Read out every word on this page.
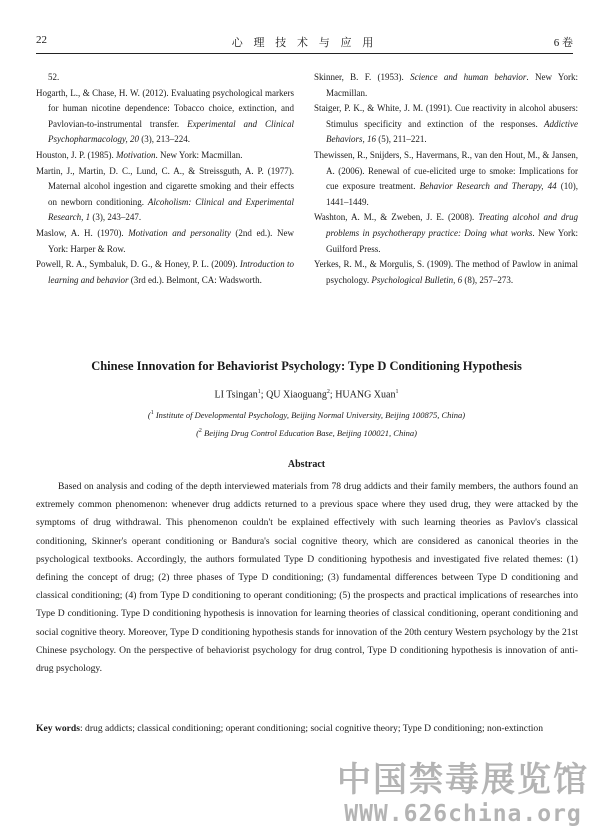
22	心 理 技 术 与 应 用	6 卷

52.

Hogarth, L., & Chase, H. W. (2012). Evaluating psychological markers for human nicotine dependence: Tobacco choice, extinction, and Pavlovian-to-instrumental transfer. Experimental and Clinical Psychopharmacology, 20 (3), 213–224.

Houston, J. P. (1985). Motivation. New York: Macmillan.

Martin, J., Martin, D. C., Lund, C. A., & Streissguth, A. P. (1977). Maternal alcohol ingestion and cigarette smoking and their effects on newborn conditioning. Alcoholism: Clinical and Experimental Research, 1 (3), 243–247.

Maslow, A. H. (1970). Motivation and personality (2nd ed.). New York: Harper & Row.

Powell, R. A., Symbaluk, D. G., & Honey, P. L. (2009). Introduction to learning and behavior (3rd ed.). Belmont, CA: Wadsworth.

Skinner, B. F. (1953). Science and human behavior. New York: Macmillan.

Staiger, P. K., & White, J. M. (1991). Cue reactivity in alcohol abusers: Stimulus specificity and extinction of the responses. Addictive Behaviors, 16 (5), 211–221.

Thewissen, R., Snijders, S., Havermans, R., van den Hout, M., & Jansen, A. (2006). Renewal of cue-elicited urge to smoke: Implications for cue exposure treatment. Behavior Research and Therapy, 44 (10), 1441–1449.

Washton, A. M., & Zweben, J. E. (2008). Treating alcohol and drug problems in psychotherapy practice: Doing what works. New York: Guilford Press.

Yerkes, R. M., & Morgulis, S. (1909). The method of Pawlow in animal psychology. Psychological Bulletin, 6 (8), 257–273.

Chinese Innovation for Behaviorist Psychology: Type D Conditioning Hypothesis
LI Tsingan$^1$; QU Xiaoguang$^2$; HUANG Xuan$^1$
($^1$ Institute of Developmental Psychology, Beijing Normal University, Beijing 100875, China)
($^2$ Beijing Drug Control Education Base, Beijing 100021, China)
Abstract

Based on analysis and coding of the depth interviewed materials from 78 drug addicts and their family members, the authors found an extremely common phenomenon: whenever drug addicts returned to a previous space where they used drug, they were attacked by the symptoms of drug withdrawal. This phenomenon couldn't be explained effectively with such learning theories as Pavlov's classical conditioning, Skinner's operant conditioning or Bandura's social cognitive theory, which are considered as canonical theories in the psychological textbooks. Accordingly, the authors formulated Type D conditioning hypothesis and investigated five related themes: (1) defining the concept of drug; (2) three phases of Type D conditioning; (3) fundamental differences between Type D conditioning and classical conditioning; (4) from Type D conditioning to operant conditioning; (5) the prospects and practical implications of researches into Type D conditioning. Type D conditioning hypothesis is innovation for learning theories of classical conditioning, operant conditioning and social cognitive theory. Moreover, Type D conditioning hypothesis stands for innovation of the 20th century Western psychology by the 21st Chinese psychology. On the perspective of behaviorist psychology for drug control, Type D conditioning hypothesis is innovation of anti-drug psychology.

Key words: drug addicts; classical conditioning; operant conditioning; social cognitive theory; Type D conditioning; non-extinction

中国禁毒展览馆
WWW.626china.org
